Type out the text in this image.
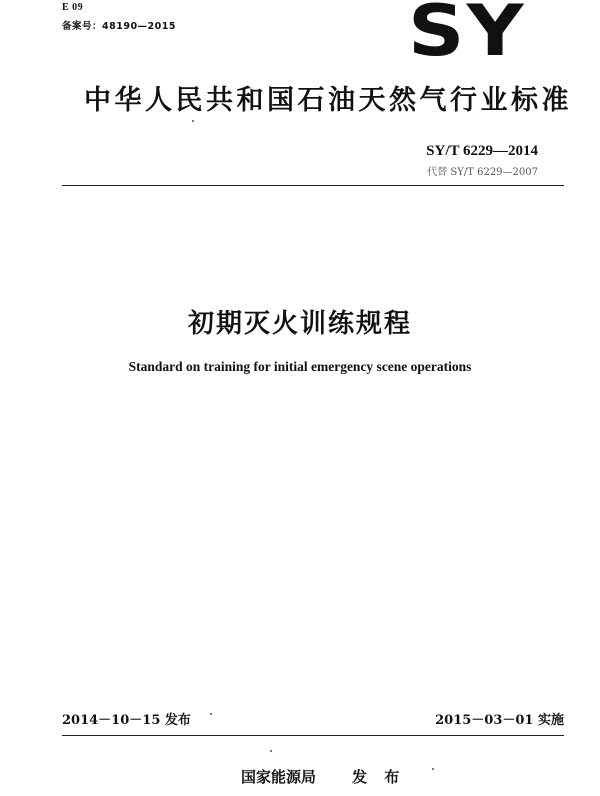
E 09
备案号：48190—2015	SY
中华人民共和国石油天然气行业标准
SY/T 6229—2014
代替 SY/T 6229—2007
初期灭火训练规程
Standard on training for initial emergency scene operations
2014－10－15 发布	2015－03－01 实施
国家能源局 发 布
